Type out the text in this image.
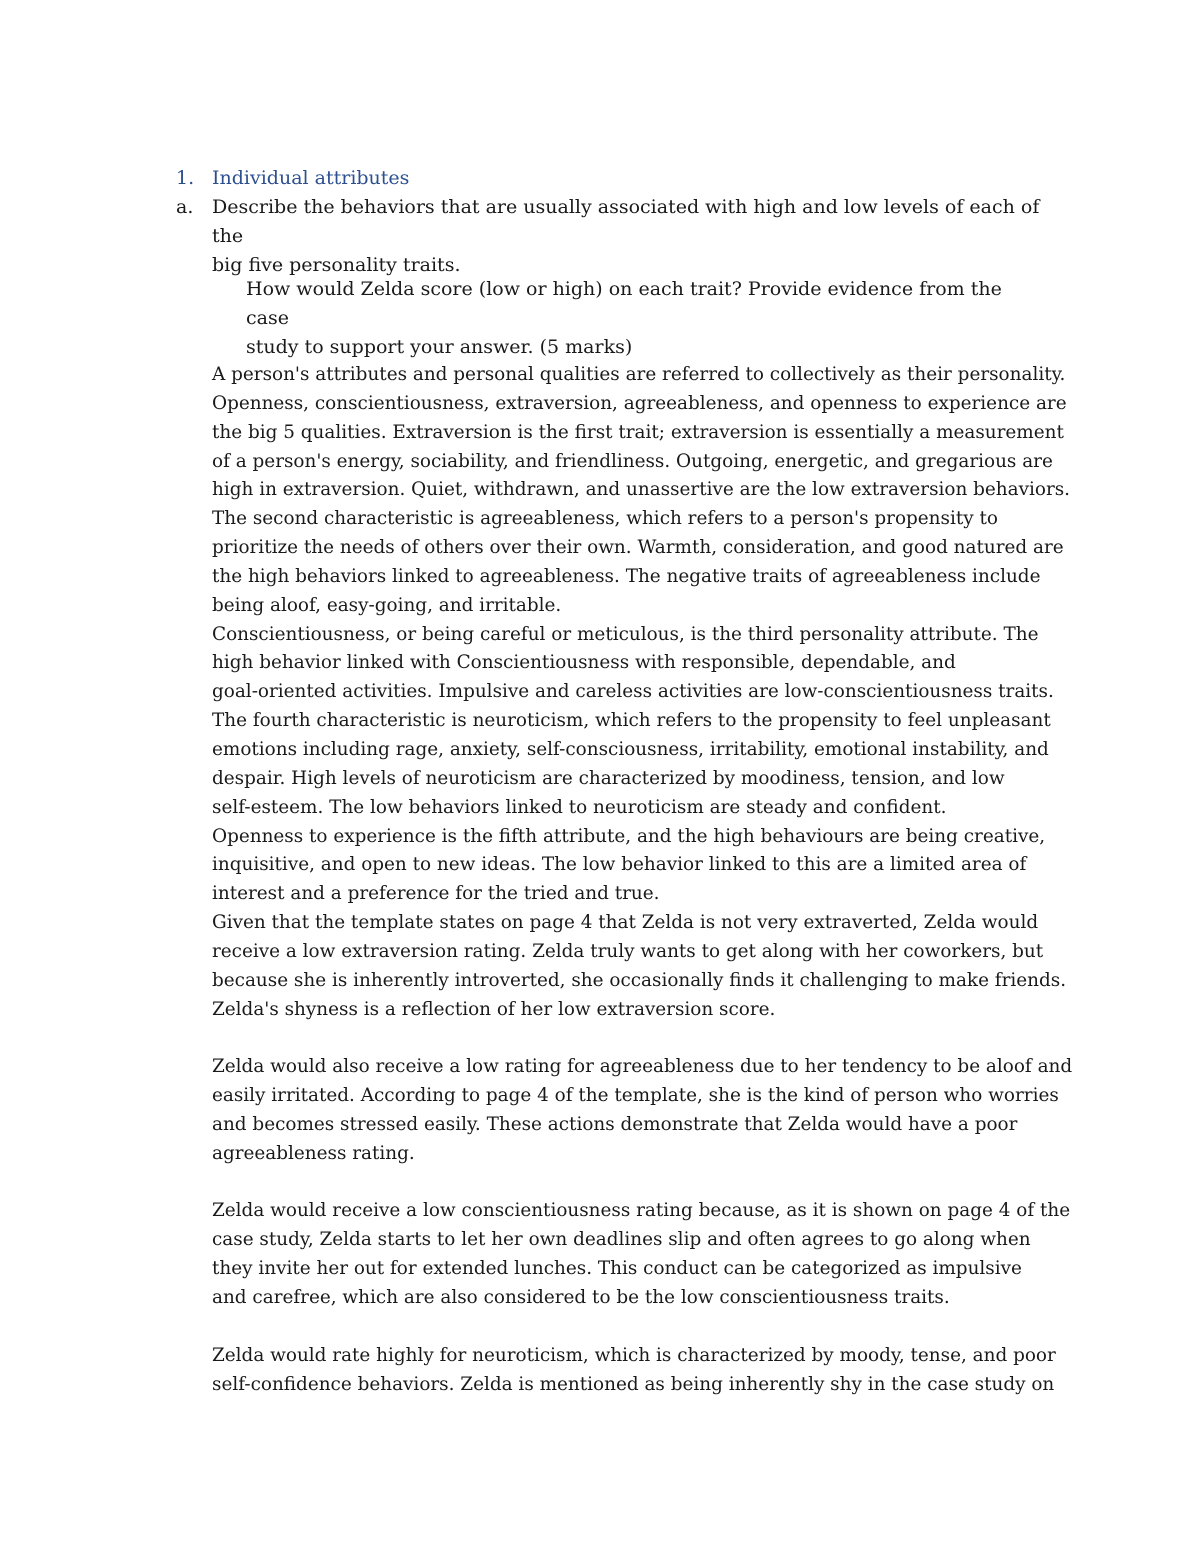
1. Individual attributes
a. Describe the behaviors that are usually associated with high and low levels of each of the
big five personality traits.
How would Zelda score (low or high) on each trait? Provide evidence from the case
study to support your answer. (5 marks)
A person's attributes and personal qualities are referred to collectively as their personality.
Openness, conscientiousness, extraversion, agreeableness, and openness to experience are
the big 5 qualities. Extraversion is the first trait; extraversion is essentially a measurement
of a person's energy, sociability, and friendliness. Outgoing, energetic, and gregarious are
high in extraversion. Quiet, withdrawn, and unassertive are the low extraversion behaviors.
The second characteristic is agreeableness, which refers to a person's propensity to
prioritize the needs of others over their own. Warmth, consideration, and good natured are
the high behaviors linked to agreeableness. The negative traits of agreeableness include
being aloof, easy-going, and irritable.
Conscientiousness, or being careful or meticulous, is the third personality attribute. The
high behavior linked with Conscientiousness with responsible, dependable, and
goal-oriented activities. Impulsive and careless activities are low-conscientiousness traits.
The fourth characteristic is neuroticism, which refers to the propensity to feel unpleasant
emotions including rage, anxiety, self-consciousness, irritability, emotional instability, and
despair. High levels of neuroticism are characterized by moodiness, tension, and low
self-esteem. The low behaviors linked to neuroticism are steady and confident.
Openness to experience is the fifth attribute, and the high behaviours are being creative,
inquisitive, and open to new ideas. The low behavior linked to this are a limited area of
interest and a preference for the tried and true.
Given that the template states on page 4 that Zelda is not very extraverted, Zelda would
receive a low extraversion rating. Zelda truly wants to get along with her coworkers, but
because she is inherently introverted, she occasionally finds it challenging to make friends.
Zelda's shyness is a reflection of her low extraversion score.
Zelda would also receive a low rating for agreeableness due to her tendency to be aloof and
easily irritated. According to page 4 of the template, she is the kind of person who worries
and becomes stressed easily. These actions demonstrate that Zelda would have a poor
agreeableness rating.
Zelda would receive a low conscientiousness rating because, as it is shown on page 4 of the
case study, Zelda starts to let her own deadlines slip and often agrees to go along when
they invite her out for extended lunches. This conduct can be categorized as impulsive
and carefree, which are also considered to be the low conscientiousness traits.
Zelda would rate highly for neuroticism, which is characterized by moody, tense, and poor
self-confidence behaviors. Zelda is mentioned as being inherently shy in the case study on
